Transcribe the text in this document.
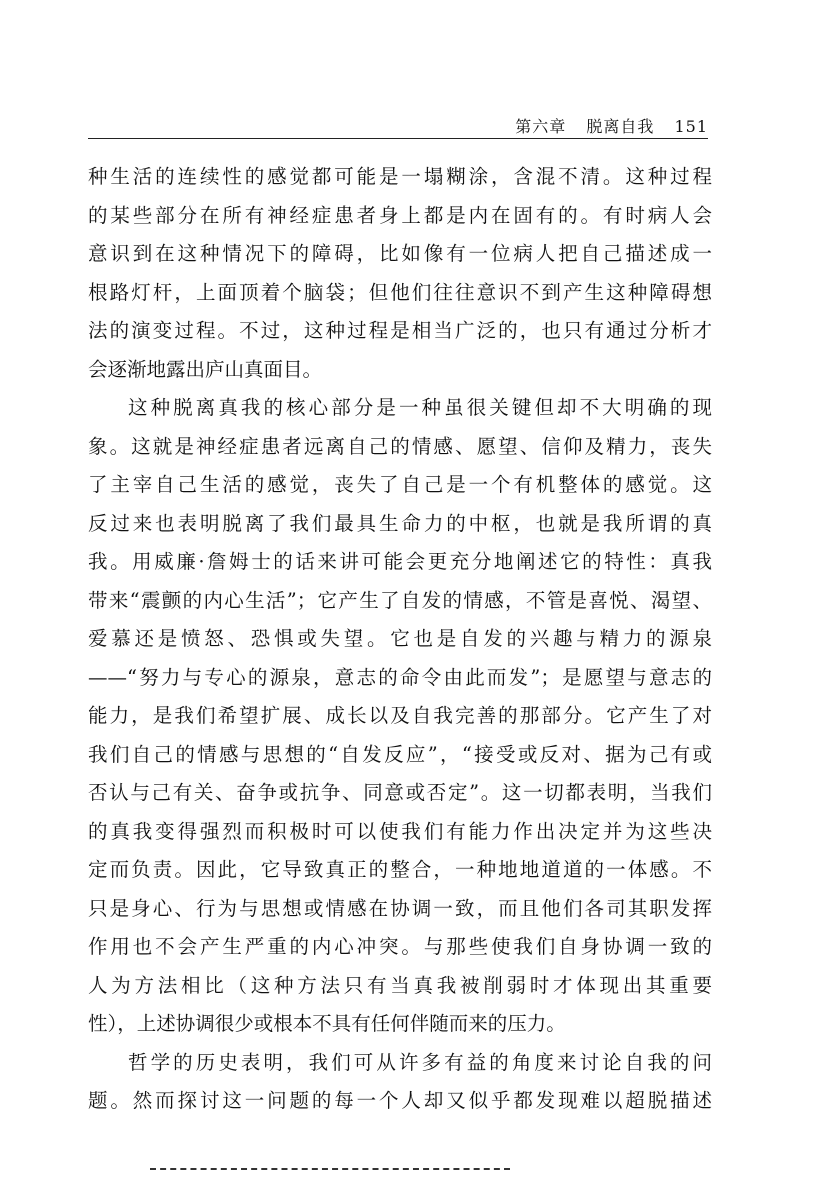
第六章 脱离自我 151
种生活的连续性的感觉都可能是一塌糊涂，含混不清。这种过程
的某些部分在所有神经症患者身上都是内在固有的。有时病人会
意识到在这种情况下的障碍，比如像有一位病人把自己描述成一
根路灯杆，上面顶着个脑袋；但他们往往意识不到产生这种障碍想
法的演变过程。不过，这种过程是相当广泛的，也只有通过分析才
会逐渐地露出庐山真面目。
这种脱离真我的核心部分是一种虽很关键但却不大明确的现
象。这就是神经症患者远离自己的情感、愿望、信仰及精力，丧失
了主宰自己生活的感觉，丧失了自己是一个有机整体的感觉。这
反过来也表明脱离了我们最具生命力的中枢，也就是我所谓的真
我。用威廉·詹姆士的话来讲可能会更充分地阐述它的特性：真我
带来“震颤的内心生活”；它产生了自发的情感，不管是喜悦、渴望、
爱慕还是愤怒、恐惧或失望。它也是自发的兴趣与精力的源泉
——“努力与专心的源泉，意志的命令由此而发”；是愿望与意志的
能力，是我们希望扩展、成长以及自我完善的那部分。它产生了对
我们自己的情感与思想的“自发反应”，“接受或反对、据为己有或
否认与己有关、奋争或抗争、同意或否定”。这一切都表明，当我们
的真我变得强烈而积极时可以使我们有能力作出决定并为这些决
定而负责。因此，它导致真正的整合，一种地地道道的一体感。不
只是身心、行为与思想或情感在协调一致，而且他们各司其职发挥
作用也不会产生严重的内心冲突。与那些使我们自身协调一致的
人为方法相比（这种方法只有当真我被削弱时才体现出其重要
性），上述协调很少或根本不具有任何伴随而来的压力。
哲学的历史表明，我们可从许多有益的角度来讨论自我的问
题。然而探讨这一问题的每一个人却又似乎都发现难以超脱描述
